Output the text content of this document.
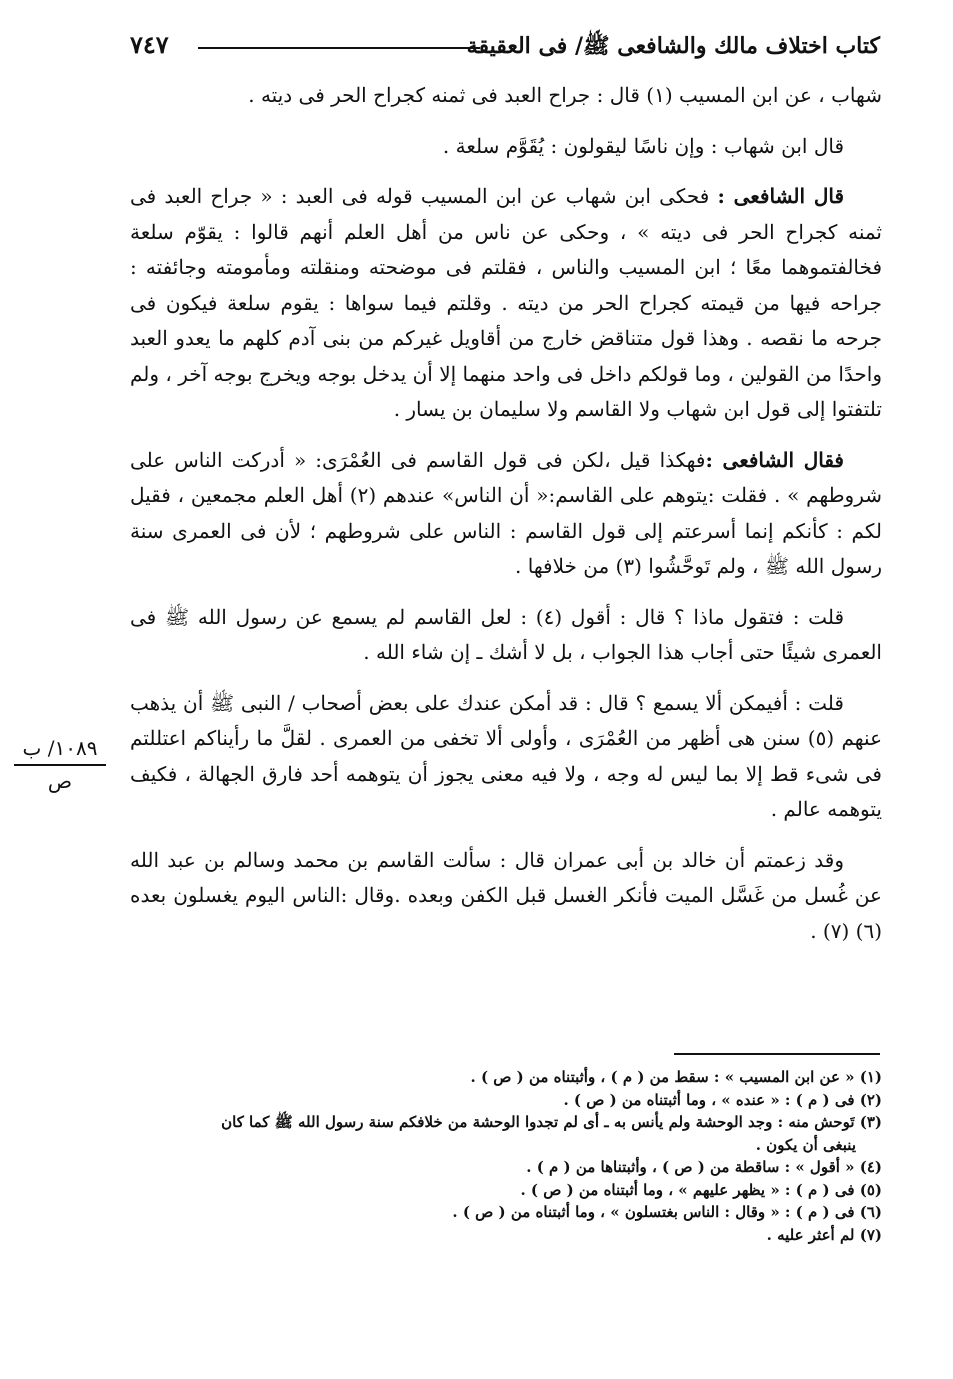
كتاب اختلاف مالك والشافعى ﷺ/ فى العقيقة
٧٤٧

شهاب ، عن ابن المسيب (١) قال : جراح العبد فى ثمنه كجراح الحر فى ديته .

قال ابن شهاب : وإن ناسًا ليقولون : يُقَوَّم سلعة .

قال الشافعى : فحكى ابن شهاب عن ابن المسيب قوله فى العبد : « جراح العبد فى ثمنه كجراح الحر فى ديته » ، وحكى عن ناس من أهل العلم أنهم قالوا : يقوّم سلعة فخالفتموهما معًا ؛ ابن المسيب والناس ، فقلتم فى موضحته ومنقلته ومأمومته وجائفته : جراحه فيها من قيمته كجراح الحر من ديته . وقلتم فيما سواها : يقوم سلعة فيكون فى جرحه ما نقصه . وهذا قول متناقض خارج من أقاويل غيركم من بنى آدم كلهم ما يعدو العبد واحدًا من القولين ، وما قولكم داخل فى واحد منهما إلا أن يدخل بوجه ويخرج بوجه آخر ، ولم تلتفتوا إلى قول ابن شهاب ولا القاسم ولا سليمان بن يسار .

فقال الشافعى :فهكذا قيل ،لكن فى قول القاسم فى العُمْرَى: « أدركت الناس على شروطهم » . فقلت :يتوهم على القاسم:« أن الناس» عندهم (٢) أهل العلم مجمعين ، فقيل لكم : كأنكم إنما أسرعتم إلى قول القاسم : الناس على شروطهم ؛ لأن فى العمرى سنة رسول الله ﷺ ، ولم تَوحَّشُوا (٣) من خلافها .

قلت : فتقول ماذا ؟ قال : أقول (٤) : لعل القاسم لم يسمع عن رسول الله ﷺ فى العمرى شيئًا حتى أجاب هذا الجواب ، بل لا أشك ـ إن شاء الله .

قلت : أفيمكن ألا يسمع ؟ قال : قد أمكن عندك على بعض أصحاب / النبى ﷺ أن يذهب عنهم (٥) سنن هى أظهر من العُمْرَى ، وأولى ألا تخفى من العمرى . لقلَّ ما رأيناكم اعتللتم فى شىء قط إلا بما ليس له وجه ، ولا فيه معنى يجوز أن يتوهمه أحد فارق الجهالة ، فكيف يتوهمه عالم .

وقد زعمتم أن خالد بن أبى عمران قال : سألت القاسم بن محمد وسالم بن عبد الله عن غُسل من غَسَّل الميت فأنكر الغسل قبل الكفن وبعده .وقال :الناس اليوم يغسلون بعده (٦) (٧) .

١٠٨٩/ ب
ص

(١) « عن ابن المسيب » : سقط من ( م ) ، وأثبتناه من ( ص ) .

(٢) فى ( م ) : « عنده » ، وما أثبتناه من ( ص ) .

(٣) تَوحش منه : وجد الوحشة ولم يأنس به ـ أى لم تجدوا الوحشة من خلافكم سنة رسول الله ﷺ كما كان

ينبغى أن يكون .

(٤) « أقول » : ساقطة من ( ص ) ، وأثبتناها من ( م ) .

(٥) فى ( م ) : « يظهر عليهم » ، وما أثبتناه من ( ص ) .

(٦) فى ( م ) : « وقال : الناس بغتسلون » ، وما أثبتناه من ( ص ) .

(٧) لم أعثر عليه .
